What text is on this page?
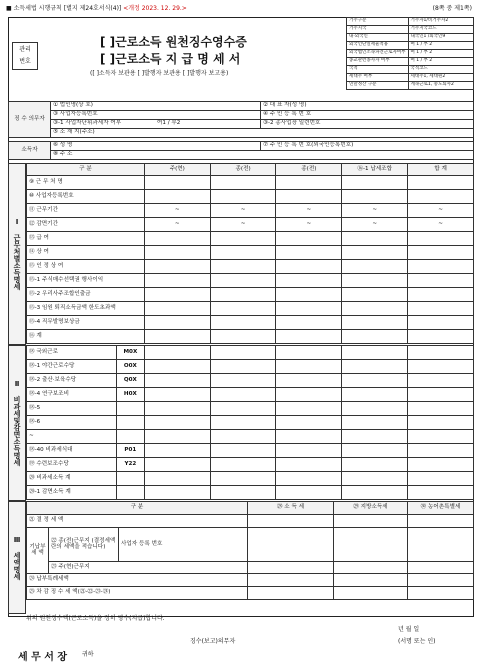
■ 소득세법 시행규칙 [별지 제24호서식(4)] <개정 2023. 12. 29.>	(8쪽 중 제1쪽)
관리
번호
[ ]근로소득 원천징수영수증
[ ]근로소득 지 급 명 세 서
([ ]소득자 보관용 [ ]발행자 보관용 [ ]발행자 보고용)
거주구분	거주자1/비거주자2
거주지국	거주지국코드
내·외국인	내국인1 /외국인9
외국인단일세율적용	여 1 / 부 2
외국법인소속파견근로자여부	여 1 / 부 2
종교관련종사자 여부	여 1 / 부 2
국적	국적코드
세대주 여부	세대주1, 세대원2
연말정산 구분	계속근로1, 중도퇴사2
징 수 의무자	① 법인명(상 호)	② 대 표 자(성 명)
	③ 사업자등록번호	④ 주 민 등 록 번 호
	③-1 사업자단위과세자 여부 여1 / 부2	③-2 종사업장 일련번호
	⑤ 소 재 지(주소)	
소득자	⑥ 성 명	⑦ 주 민 등 록 번 호(외국인등록번호)
⑧ 주 소
Ⅰ 근무처별소득명세
구 분	주(현)	종(전)	종(전)	⑯-1 납세조합	합 계
⑨ 근 무 처 명					
⑩ 사업자등록번호					
⑪ 근무기간	~	~	~	~	~
⑫ 감면기간	~	~	~	~	~
⑬ 급 여					
⑭ 상 여					
⑮ 인 정 상 여					
⑮-1 주식매수선택권 행사이익					
⑮-2 우리사주조합인출금					
⑮-3 임원 퇴직소득금액 한도초과액					
⑮-4 직무발명보상금					
⑯ 계					
Ⅱ 비과세및감면소득명세
⑱ 국외근로	M0X					
⑱-1 야간근로수당	O0X					
⑱-2 출산·보육수당	Q0X					
⑱-4 연구보조비	H0X					
⑱-5						
⑱-6						
~						
⑱-40 비과세식대	P01					
⑲ 수련보조수당	Y22					
⑳ 비과세소득 계						
⑳-1 감면소득 계						
Ⅲ 세액명세
구 분			㉘ 소 득 세	㉙ 지방소득세	㉚ 농어촌특별세
㉑ 결 정 세 액					
기납부 세 액	㉒ 종(전)근무지 (결정세액란의 세액을 적습니다)	사업자 등록 번호			
	㉓ 주(현)근무지				
㉔ 납부특례세액					
㉕ 차 감 징 수 세 액(㉑-㉒-㉓-㉔)					
위의 원천징수액(근로소득)을 정히 영수(지급)합니다.
년 월 일
징수(보고)의무자	(서명 또는 인)
세 무 서 장 귀하
